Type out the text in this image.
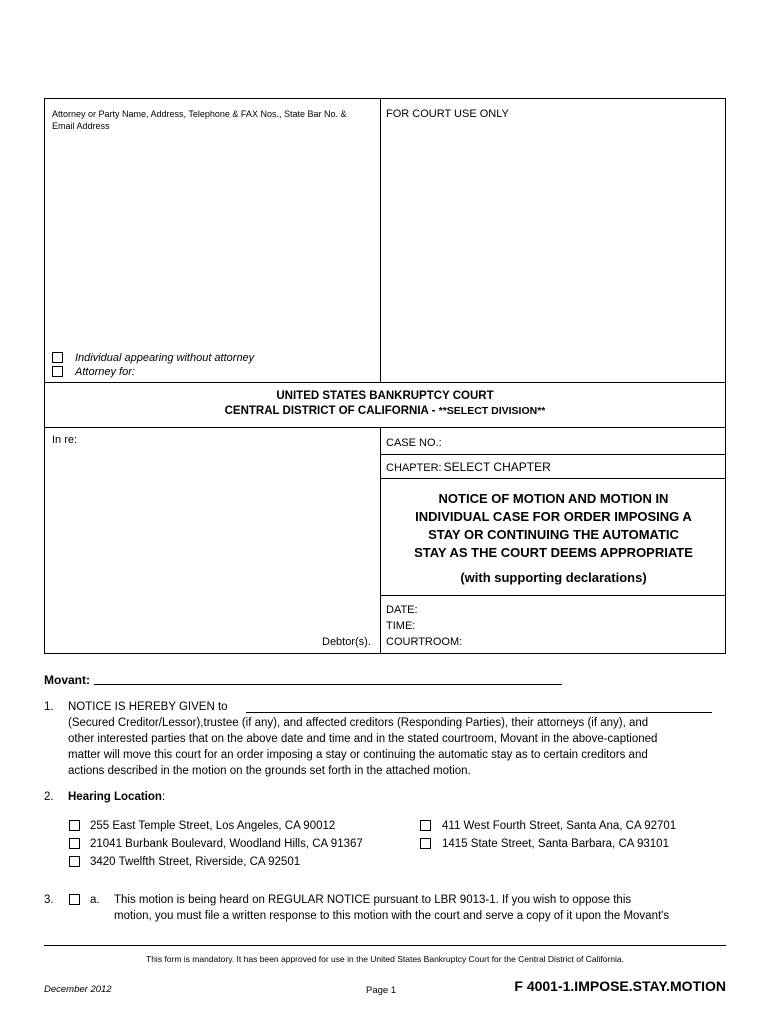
Attorney or Party Name, Address, Telephone & FAX Nos., State Bar No. &
Email Address
FOR COURT USE ONLY
Individual appearing without attorney
Attorney for:
UNITED STATES BANKRUPTCY COURT
CENTRAL DISTRICT OF CALIFORNIA - **SELECT DIVISION**
In re:	CASE NO.:
CHAPTER: SELECT CHAPTER
NOTICE OF MOTION AND MOTION IN
INDIVIDUAL CASE FOR ORDER IMPOSING A
STAY OR CONTINUING THE AUTOMATIC
STAY AS THE COURT DEEMS APPROPRIATE
(with supporting declarations)
DATE:
TIME:
COURTROOM:
Debtor(s).
Movant:
1. NOTICE IS HEREBY GIVEN to
(Secured Creditor/Lessor),trustee (if any), and affected creditors (Responding Parties), their attorneys (if any), and
other interested parties that on the above date and time and in the stated courtroom, Movant in the above-captioned
matter will move this court for an order imposing a stay or continuing the automatic stay as to certain creditors and
actions described in the motion on the grounds set forth in the attached motion.
2. Hearing Location:
255 East Temple Street, Los Angeles, CA 90012
21041 Burbank Boulevard, Woodland Hills, CA 91367
3420 Twelfth Street, Riverside, CA 92501
411 West Fourth Street, Santa Ana, CA 92701
1415 State Street, Santa Barbara, CA 93101
3.	a. This motion is being heard on REGULAR NOTICE pursuant to LBR 9013-1. If you wish to oppose this
motion, you must file a written response to this motion with the court and serve a copy of it upon the Movant's
This form is mandatory. It has been approved for use in the United States Bankruptcy Court for the Central District of California.
December 2012	Page 1	F 4001-1.IMPOSE.STAY.MOTION
